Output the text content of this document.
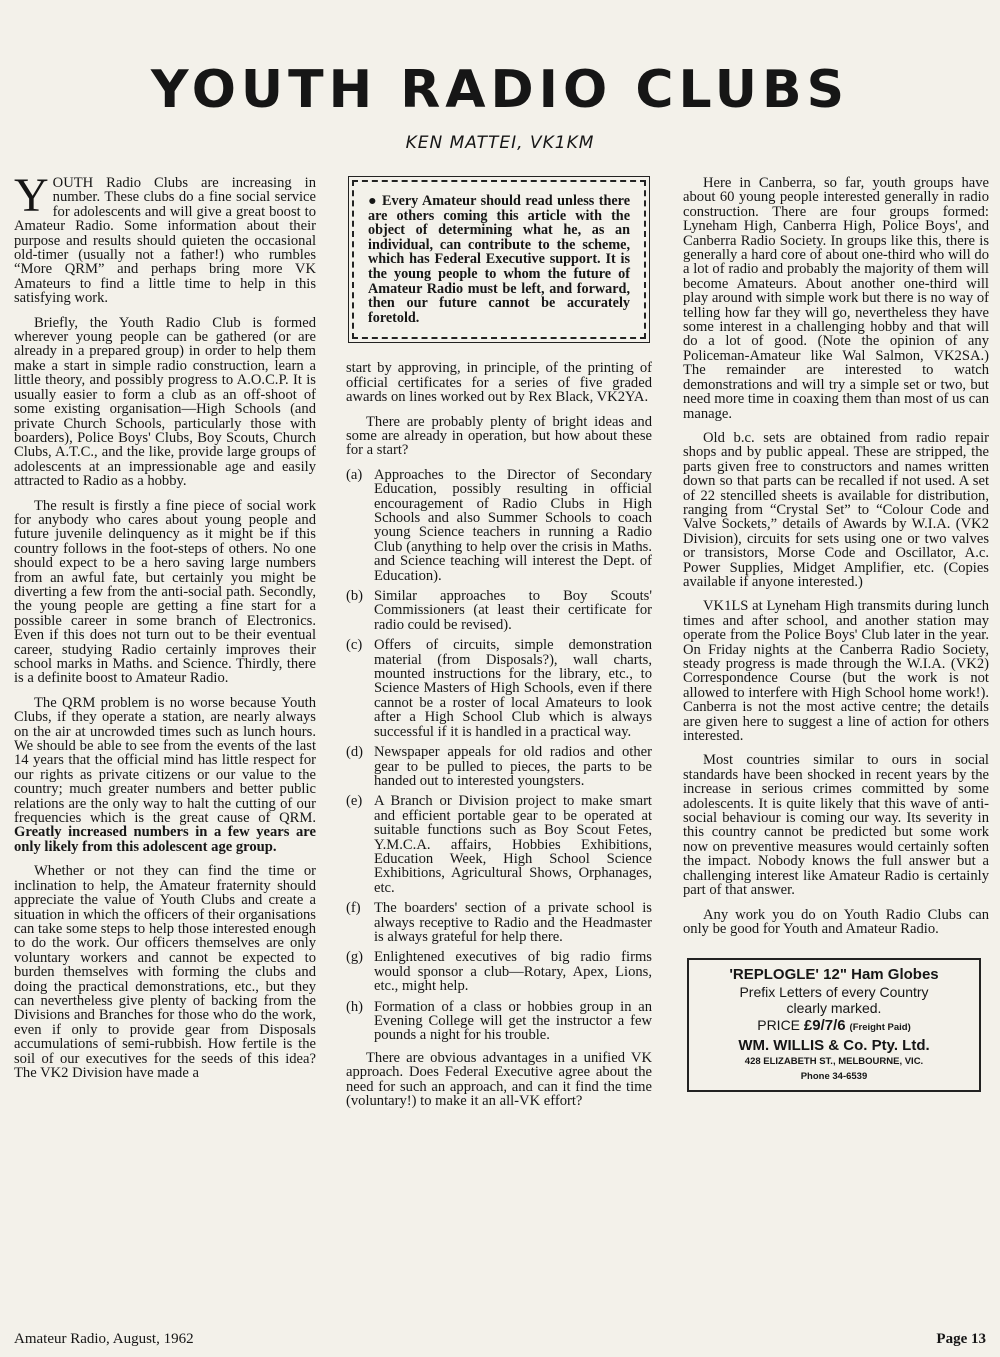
YOUTH RADIO CLUBS
KEN MATTEI, VK1KM

YOUTH Radio Clubs are increasing in number. These clubs do a fine social service for adolescents and will give a great boost to Amateur Radio. Some information about their purpose and results should quieten the occasional old-timer (usually not a father!) who rumbles “More QRM” and perhaps bring more VK Amateurs to find a little time to help in this satisfying work.

Briefly, the Youth Radio Club is formed wherever young people can be gathered (or are already in a prepared group) in order to help them make a start in simple radio construction, learn a little theory, and possibly progress to A.O.C.P. It is usually easier to form a club as an off-shoot of some existing organisation—High Schools (and private Church Schools, particularly those with boarders), Police Boys' Clubs, Boy Scouts, Church Clubs, A.T.C., and the like, provide large groups of adolescents at an impressionable age and easily attracted to Radio as a hobby.

The result is firstly a fine piece of social work for anybody who cares about young people and future juvenile delinquency as it might be if this country follows in the foot-steps of others. No one should expect to be a hero saving large numbers from an awful fate, but certainly you might be diverting a few from the anti-social path. Secondly, the young people are getting a fine start for a possible career in some branch of Electronics. Even if this does not turn out to be their eventual career, studying Radio certainly improves their school marks in Maths. and Science. Thirdly, there is a definite boost to Amateur Radio.

The QRM problem is no worse because Youth Clubs, if they operate a station, are nearly always on the air at uncrowded times such as lunch hours. We should be able to see from the events of the last 14 years that the official mind has little respect for our rights as private citizens or our value to the country; much greater numbers and better public relations are the only way to halt the cutting of our frequencies which is the great cause of QRM. Greatly increased numbers in a few years are only likely from this adolescent age group.

Whether or not they can find the time or inclination to help, the Amateur fraternity should appreciate the value of Youth Clubs and create a situation in which the officers of their organisations can take some steps to help those interested enough to do the work. Our officers themselves are only voluntary workers and cannot be expected to burden themselves with forming the clubs and doing the practical demonstrations, etc., but they can nevertheless give plenty of backing from the Divisions and Branches for those who do the work, even if only to provide gear from Disposals accumulations of semi-rubbish. How fertile is the soil of our executives for the seeds of this idea? The VK2 Division have made a

● Every Amateur should read unless there are others coming this article with the object of determining what he, as an individual, can contribute to the scheme, which has Federal Executive support. It is the young people to whom the future of Amateur Radio must be left, and forward, then our future cannot be accurately foretold.

start by approving, in principle, of the printing of official certificates for a series of five graded awards on lines worked out by Rex Black, VK2YA.

There are probably plenty of bright ideas and some are already in operation, but how about these for a start?

(a) Approaches to the Director of Secondary Education, possibly resulting in official encouragement of Radio Clubs in High Schools and also Summer Schools to coach young Science teachers in running a Radio Club (anything to help over the crisis in Maths. and Science teaching will interest the Dept. of Education).
(b) Similar approaches to Boy Scouts' Commissioners (at least their certificate for radio could be revised).
(c) Offers of circuits, simple demonstration material (from Disposals?), wall charts, mounted instructions for the library, etc., to Science Masters of High Schools, even if there cannot be a roster of local Amateurs to look after a High School Club which is always successful if it is handled in a practical way.
(d) Newspaper appeals for old radios and other gear to be pulled to pieces, the parts to be handed out to interested youngsters.
(e) A Branch or Division project to make smart and efficient portable gear to be operated at suitable functions such as Boy Scout Fetes, Y.M.C.A. affairs, Hobbies Exhibitions, Education Week, High School Science Exhibitions, Agricultural Shows, Orphanages, etc.
(f) The boarders' section of a private school is always receptive to Radio and the Headmaster is always grateful for help there.
(g) Enlightened executives of big radio firms would sponsor a club—Rotary, Apex, Lions, etc., might help.
(h) Formation of a class or hobbies group in an Evening College will get the instructor a few pounds a night for his trouble.

There are obvious advantages in a unified VK approach. Does Federal Executive agree about the need for such an approach, and can it find the time (voluntary!) to make it an all-VK effort?

Here in Canberra, so far, youth groups have about 60 young people interested generally in radio construction. There are four groups formed: Lyneham High, Canberra High, Police Boys', and Canberra Radio Society. In groups like this, there is generally a hard core of about one-third who will do a lot of radio and probably the majority of them will become Amateurs. About another one-third will play around with simple work but there is no way of telling how far they will go, nevertheless they have some interest in a challenging hobby and that will do a lot of good. (Note the opinion of any Policeman-Amateur like Wal Salmon, VK2SA.) The remainder are interested to watch demonstrations and will try a simple set or two, but need more time in coaxing them than most of us can manage.

Old b.c. sets are obtained from radio repair shops and by public appeal. These are stripped, the parts given free to constructors and names written down so that parts can be recalled if not used. A set of 22 stencilled sheets is available for distribution, ranging from “Crystal Set” to “Colour Code and Valve Sockets,” details of Awards by W.I.A. (VK2 Division), circuits for sets using one or two valves or transistors, Morse Code and Oscillator, A.c. Power Supplies, Midget Amplifier, etc. (Copies available if anyone interested.)

VK1LS at Lyneham High transmits during lunch times and after school, and another station may operate from the Police Boys' Club later in the year. On Friday nights at the Canberra Radio Society, steady progress is made through the W.I.A. (VK2) Correspondence Course (but the work is not allowed to interfere with High School home work!). Canberra is not the most active centre; the details are given here to suggest a line of action for others interested.

Most countries similar to ours in social standards have been shocked in recent years by the increase in serious crimes committed by some adolescents. It is quite likely that this wave of anti-social behaviour is coming our way. Its severity in this country cannot be predicted but some work now on preventive measures would certainly soften the impact. Nobody knows the full answer but a challenging interest like Amateur Radio is certainly part of that answer.

Any work you do on Youth Radio Clubs can only be good for Youth and Amateur Radio.

'REPLOGLE' 12" Ham Globes
Prefix Letters of every Country
clearly marked.
PRICE £9/7/6 (Freight Paid)
WM. WILLIS & Co. Pty. Ltd.
428 ELIZABETH ST., MELBOURNE, VIC.
Phone 34-6539
Amateur Radio, August, 1962	Page 13
